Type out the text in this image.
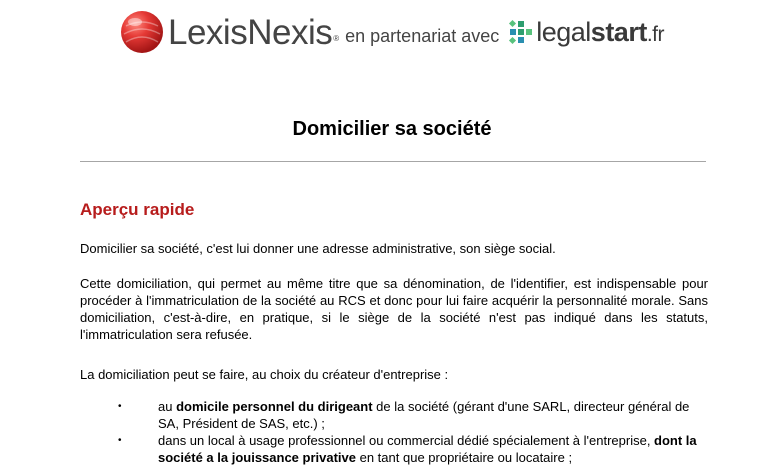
LexisNexis ® en partenariat avec legalstart.fr
Domicilier sa société
Aperçu rapide

Domicilier sa société, c'est lui donner une adresse administrative, son siège social.

Cette domiciliation, qui permet au même titre que sa dénomination, de l'identifier, est indispensable pour procéder à l'immatriculation de la société au RCS et donc pour lui faire acquérir la personnalité morale. Sans domiciliation, c'est-à-dire, en pratique, si le siège de la société n'est pas indiqué dans les statuts, l'immatriculation sera refusée.

La domiciliation peut se faire, au choix du créateur d'entreprise :

•	au domicile personnel du dirigeant de la société (gérant d'une SARL, directeur général de SA, Président de SAS, etc.) ;
•	dans un local à usage professionnel ou commercial dédié spécialement à l'entreprise, dont la société a la jouissance privative en tant que propriétaire ou locataire ;
